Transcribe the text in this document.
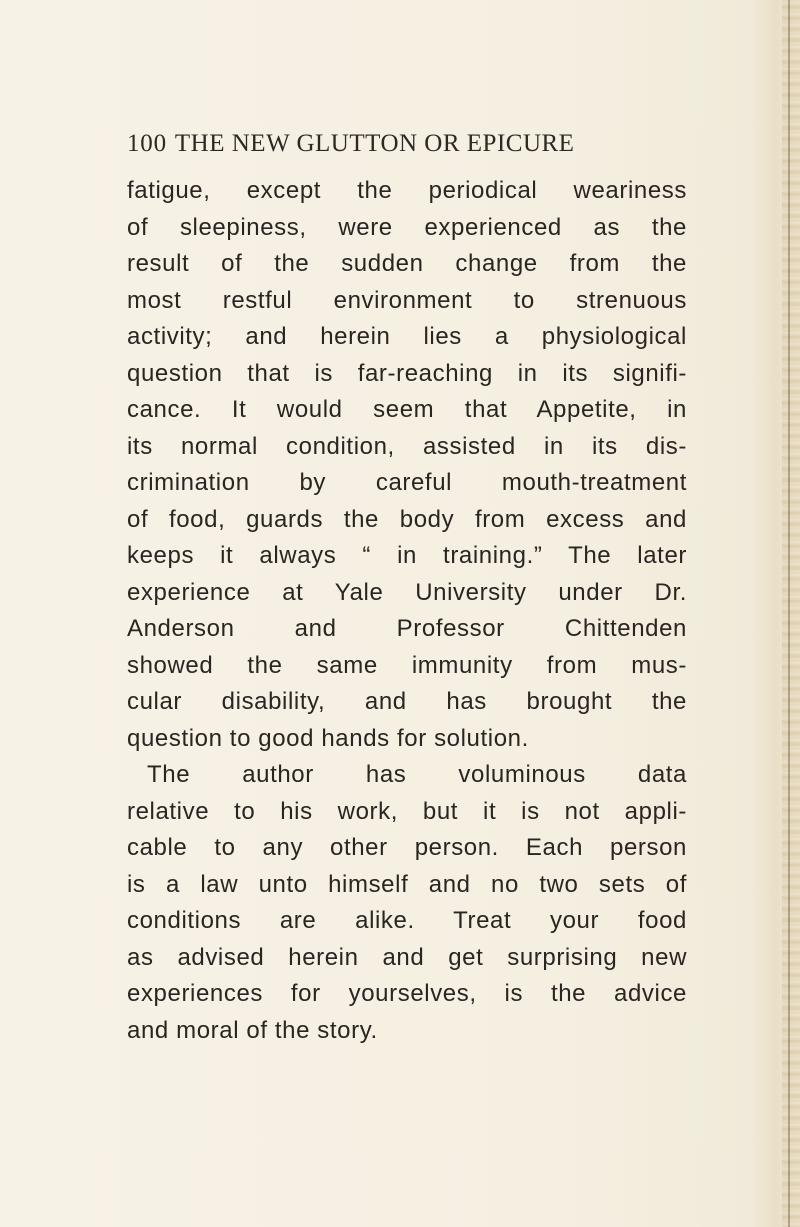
100 THE NEW GLUTTON OR EPICURE
fatigue, except the periodical weariness
of sleepiness, were experienced as the
result of the sudden change from the
most restful environment to strenuous
activity; and herein lies a physiological
question that is far-reaching in its signifi-
cance. It would seem that Appetite, in
its normal condition, assisted in its dis-
crimination by careful mouth-treatment
of food, guards the body from excess and
keeps it always “ in training.” The later
experience at Yale University under Dr.
Anderson and Professor Chittenden
showed the same immunity from mus-
cular disability, and has brought the
question to good hands for solution.
The author has voluminous data
relative to his work, but it is not appli-
cable to any other person. Each person
is a law unto himself and no two sets of
conditions are alike. Treat your food
as advised herein and get surprising new
experiences for yourselves, is the advice
and moral of the story.
